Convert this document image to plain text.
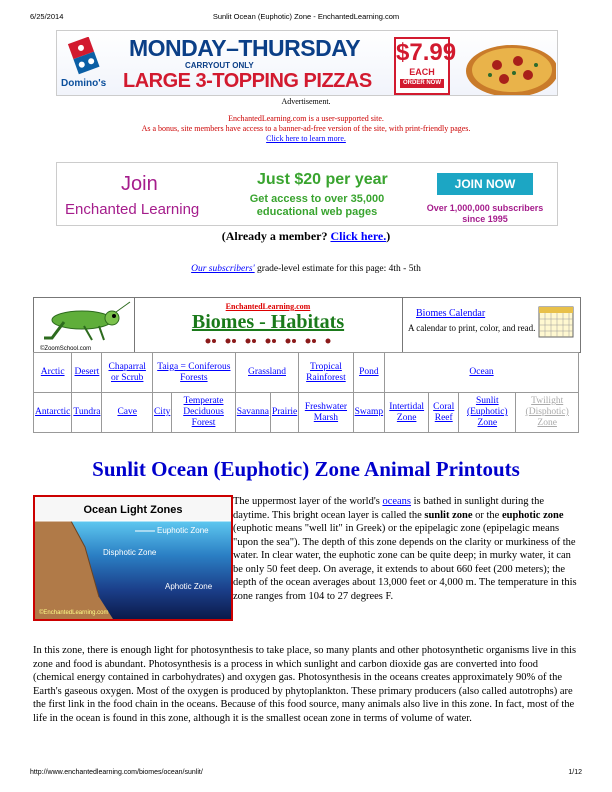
6/25/2014	Sunlit Ocean (Euphotic) Zone - EnchantedLearning.com
Domino's
MONDAY–THURSDAY
CARRYOUT ONLY
LARGE 3-TOPPING PIZZAS
$7.99
EACH
ORDER NOW
Advertisement.
EnchantedLearning.com is a user-supported site.
As a bonus, site members have access to a banner-ad-free version of the site, with print-friendly pages.
Click here to learn more.
Join
Enchanted Learning
Just $20 per year
Get access to over 35,000 educational web pages
JOIN NOW
Over 1,000,000 subscribers since 1995
(Already a member? Click here.)
Our subscribers' grade-level estimate for this page: 4th - 5th
©ZoomSchool.com
EnchantedLearning.com
Biomes - Habitats	Biomes Calendar
A calendar to print, color, and read.
Arctic	Desert	Chaparral or Scrub	Taiga = Coniferous Forests		Grassland		Tropical Rainforest	Pond	Ocean			
Antarctic	Tundra	Cave	City	Temperate Deciduous Forest	Savanna	Prairie	Freshwater Marsh	Swamp	Intertidal Zone	Coral Reef	Sunlit (Euphotic) Zone	Twilight (Disphotic) Zone
Sunlit Ocean (Euphotic) Zone Animal Printouts
Ocean Light Zones
Euphotic Zone
Disphotic Zone
Aphotic Zone
©EnchantedLearning.com

The uppermost layer of the world's oceans is bathed in sunlight during the daytime. This bright ocean layer is called the sunlit zone or the euphotic zone (euphotic means "well lit" in Greek) or the epipelagic zone (epipelagic means "upon the sea"). The depth of this zone depends on the clarity or murkiness of the water. In clear water, the euphotic zone can be quite deep; in murky water, it can be only 50 feet deep. On average, it extends to about 660 feet (200 meters); the depth of the ocean averages about 13,000 feet or 4,000 m. The temperature in this zone ranges from 104 to 27 degrees F.

In this zone, there is enough light for photosynthesis to take place, so many plants and other photosynthetic organisms live in this zone and food is abundant. Photosynthesis is a process in which sunlight and carbon dioxide gas are converted into food (chemical energy contained in carbohydrates) and oxygen gas. Photosynthesis in the oceans creates approximately 90% of the Earth's gaseous oxygen. Most of the oxygen is produced by phytoplankton. These primary producers (also called autotrophs) are the first link in the food chain in the oceans. Because of this food source, many animals also live in this zone. In fact, most of the life in the ocean is found in this zone, although it is the smallest ocean zone in terms of volume of water.

http://www.enchantedlearning.com/biomes/ocean/sunlit/	1/12
